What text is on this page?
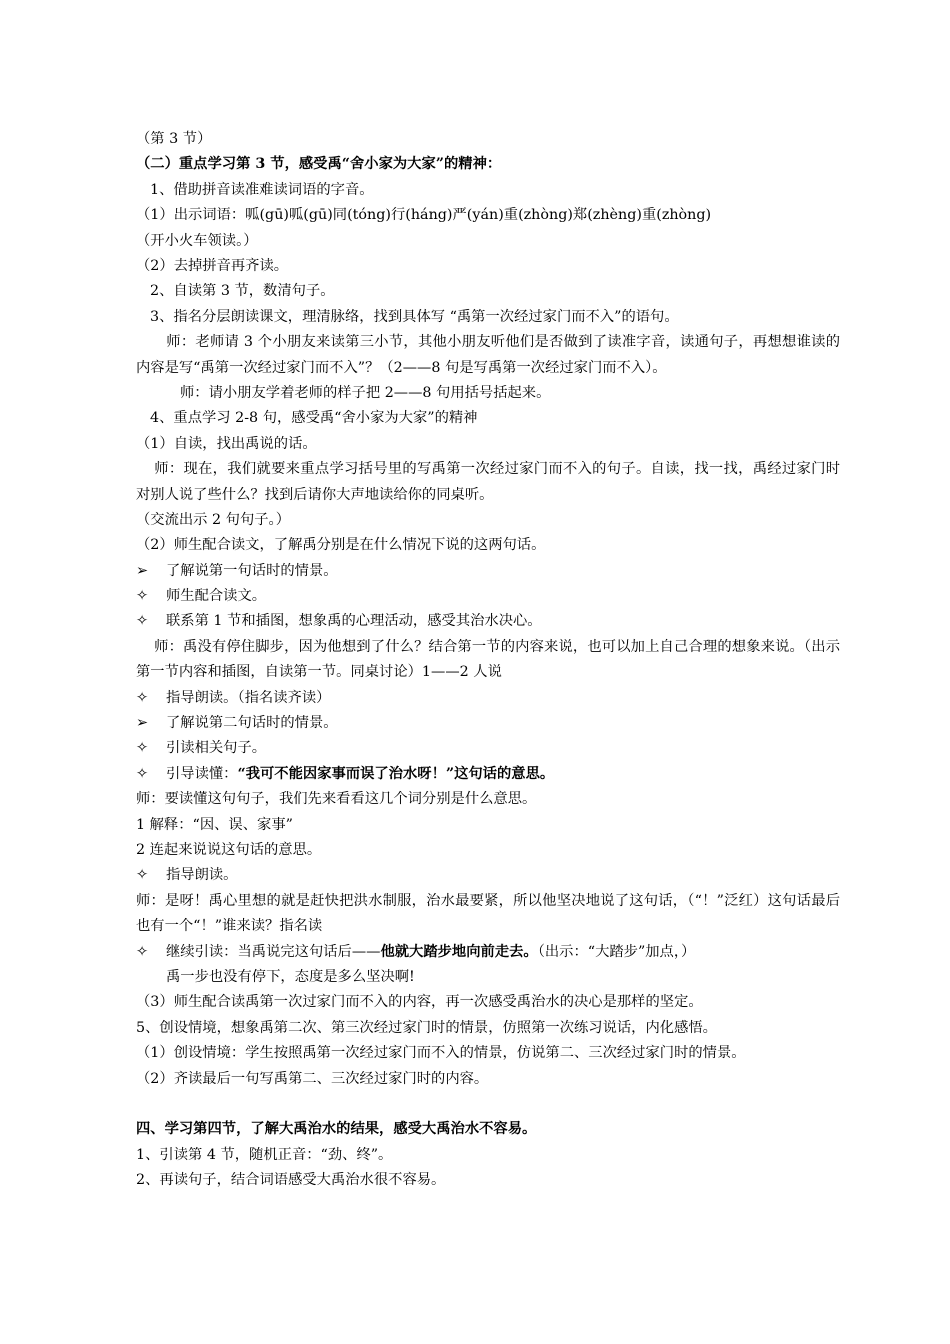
（第 3 节）
（二）重点学习第 3 节，感受禹“舍小家为大家”的精神：
1、借助拼音读准难读词语的字音。
（1）出示词语：呱(gū)呱(gū)同(tóng)行(háng)严(yán)重(zhòng)郑(zhèng)重(zhòng)
（开小火车领读。）
（2）去掉拼音再齐读。
2、自读第 3 节，数清句子。
3、指名分层朗读课文，理清脉络，找到具体写 “禹第一次经过家门而不入”的语句。
师：老师请 3 个小朋友来读第三小节，其他小朋友听他们是否做到了读准字音，读通句子，再想想谁读的内容是写“禹第一次经过家门而不入”？（2——8 句是写禹第一次经过家门而不入）。
师：请小朋友学着老师的样子把 2——8 句用括号括起来。
4、重点学习 2-8 句，感受禹“舍小家为大家”的精神
（1）自读，找出禹说的话。
师：现在，我们就要来重点学习括号里的写禹第一次经过家门而不入的句子。自读，找一找，禹经过家门时对别人说了些什么？找到后请你大声地读给你的同桌听。
（交流出示 2 句句子。）
（2）师生配合读文，了解禹分别是在什么情况下说的这两句话。
➢ 了解说第一句话时的情景。
✧ 师生配合读文。
✧ 联系第 1 节和插图，想象禹的心理活动，感受其治水决心。
师：禹没有停住脚步，因为他想到了什么？结合第一节的内容来说，也可以加上自己合理的想象来说。（出示第一节内容和插图，自读第一节。同桌讨论）1——2 人说
✧ 指导朗读。（指名读齐读）
➢ 了解说第二句话时的情景。
✧ 引读相关句子。
✧ 引导读懂：“我可不能因家事而误了治水呀！”这句话的意思。
师：要读懂这句句子，我们先来看看这几个词分别是什么意思。
1 解释：“因、误、家事”
2 连起来说说这句话的意思。
✧ 指导朗读。
师：是呀！禹心里想的就是赶快把洪水制服，治水最要紧，所以他坚决地说了这句话，（“！”泛红）这句话最后也有一个“！”谁来读？指名读
✧ 继续引读：当禹说完这句话后——他就大踏步地向前走去。（出示：“大踏步”加点，）
禹一步也没有停下，态度是多么坚决啊!
（3）师生配合读禹第一次过家门而不入的内容，再一次感受禹治水的决心是那样的坚定。
5、创设情境，想象禹第二次、第三次经过家门时的情景，仿照第一次练习说话，内化感悟。
（1）创设情境：学生按照禹第一次经过家门而不入的情景，仿说第二、三次经过家门时的情景。
（2）齐读最后一句写禹第二、三次经过家门时的内容。
四、学习第四节，了解大禹治水的结果，感受大禹治水不容易。
1、引读第 4 节，随机正音：“劲、终”。
2、再读句子，结合词语感受大禹治水很不容易。
